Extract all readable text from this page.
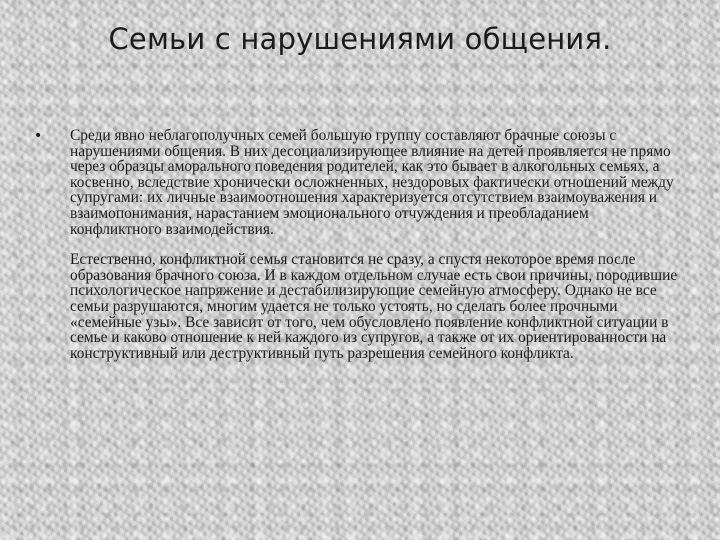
Семьи с нарушениями общения.
•	Среди явно неблагополучных семей большую группу составляют брачные союзы с нарушениями общения. В них десоциализирующее влияние на детей проявляется не прямо через образцы аморального поведения родителей, как это бывает в алкогольных семьях, а косвенно, вследствие хронически осложненных, нездоровых фактически отношений между супругами: их личные взаимоотношения характеризуется отсутствием взаимоуважения и взаимопонимания, нарастанием эмоционального отчуждения и преобладанием конфликтного взаимодействия.

Естественно, конфликтной семья становится не сразу, а спустя некоторое время после образования брачного союза. И в каждом отдельном случае есть свои причины, породившие психологическое напряжение и дестабилизирующие семейную атмосферу. Однако не все семьи разрушаются, многим удается не только устоять, но сделать более прочными «семейные узы». Все зависит от того, чем обусловлено появление конфликтной ситуации в семье и каково отношение к ней каждого из супругов, а также от их ориентированности на конструктивный или деструктивный путь разрешения семейного конфликта.
